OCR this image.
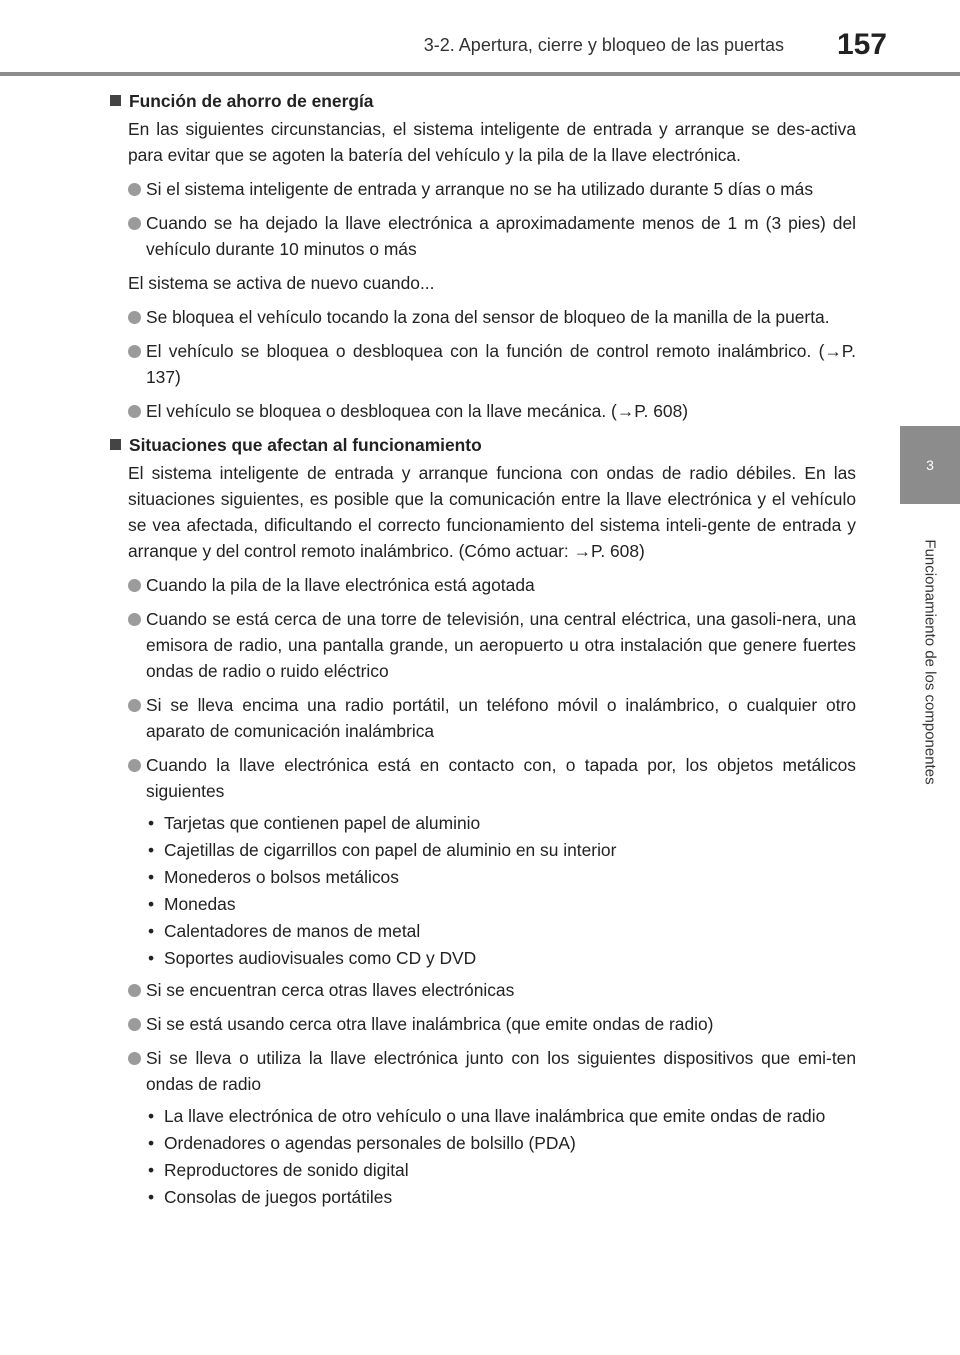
3-2. Apertura, cierre y bloqueo de las puertas 157
3
Funcionamiento de los componentes
Función de ahorro de energía

En las siguientes circunstancias, el sistema inteligente de entrada y arranque se des-activa para evitar que se agoten la batería del vehículo y la pila de la llave electrónica.

Si el sistema inteligente de entrada y arranque no se ha utilizado durante 5 días o más
Cuando se ha dejado la llave electrónica a aproximadamente menos de 1 m (3 pies) del vehículo durante 10 minutos o más

El sistema se activa de nuevo cuando...

Se bloquea el vehículo tocando la zona del sensor de bloqueo de la manilla de la puerta.
El vehículo se bloquea o desbloquea con la función de control remoto inalámbrico. (→P. 137)
El vehículo se bloquea o desbloquea con la llave mecánica. (→P. 608)
Situaciones que afectan al funcionamiento

El sistema inteligente de entrada y arranque funciona con ondas de radio débiles. En las situaciones siguientes, es posible que la comunicación entre la llave electrónica y el vehículo se vea afectada, dificultando el correcto funcionamiento del sistema inteli-gente de entrada y arranque y del control remoto inalámbrico. (Cómo actuar: →P. 608)

Cuando la pila de la llave electrónica está agotada
Cuando se está cerca de una torre de televisión, una central eléctrica, una gasoli-nera, una emisora de radio, una pantalla grande, un aeropuerto u otra instalación que genere fuertes ondas de radio o ruido eléctrico
Si se lleva encima una radio portátil, un teléfono móvil o inalámbrico, o cualquier otro aparato de comunicación inalámbrica
Cuando la llave electrónica está en contacto con, o tapada por, los objetos metálicos siguientes
• Tarjetas que contienen papel de aluminio
• Cajetillas de cigarrillos con papel de aluminio en su interior
• Monederos o bolsos metálicos
• Monedas
• Calentadores de manos de metal
• Soportes audiovisuales como CD y DVD
Si se encuentran cerca otras llaves electrónicas
Si se está usando cerca otra llave inalámbrica (que emite ondas de radio)
Si se lleva o utiliza la llave electrónica junto con los siguientes dispositivos que emi-ten ondas de radio
• La llave electrónica de otro vehículo o una llave inalámbrica que emite ondas de radio
• Ordenadores o agendas personales de bolsillo (PDA)
• Reproductores de sonido digital
• Consolas de juegos portátiles
